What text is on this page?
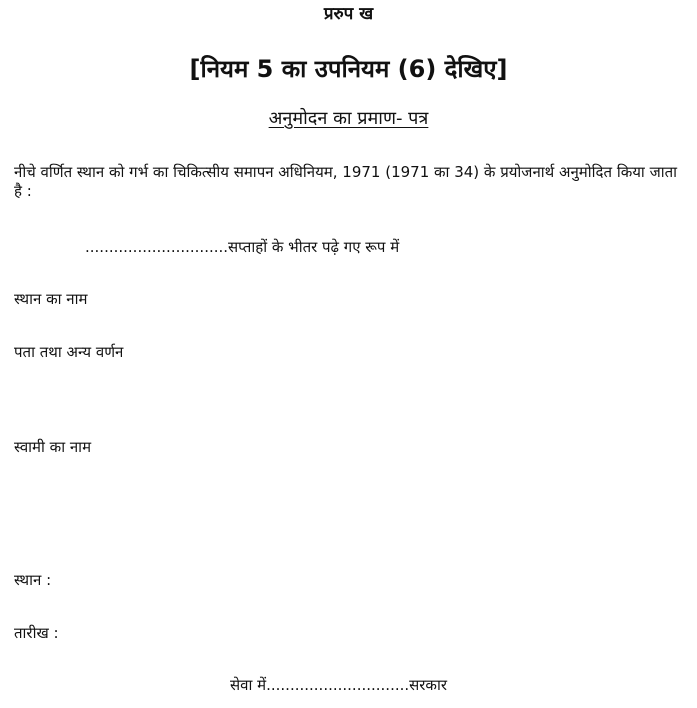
प्ररुप ख
[नियम 5 का उपनियम (6) देखिए]
अनुमोदन का प्रमाण- पत्र
नीचे वर्णित स्थान को गर्भ का चिकित्सीय समापन अधिनियम, 1971 (1971 का 34) के प्रयोजनार्थ अनुमोदित किया जाता है :
..............................सप्ताहों के भीतर पढ़े गए रूप में
स्थान का नाम
पता तथा अन्य वर्णन
स्वामी का नाम
स्थान :
तारीख :
सेवा में..............................सरकार
